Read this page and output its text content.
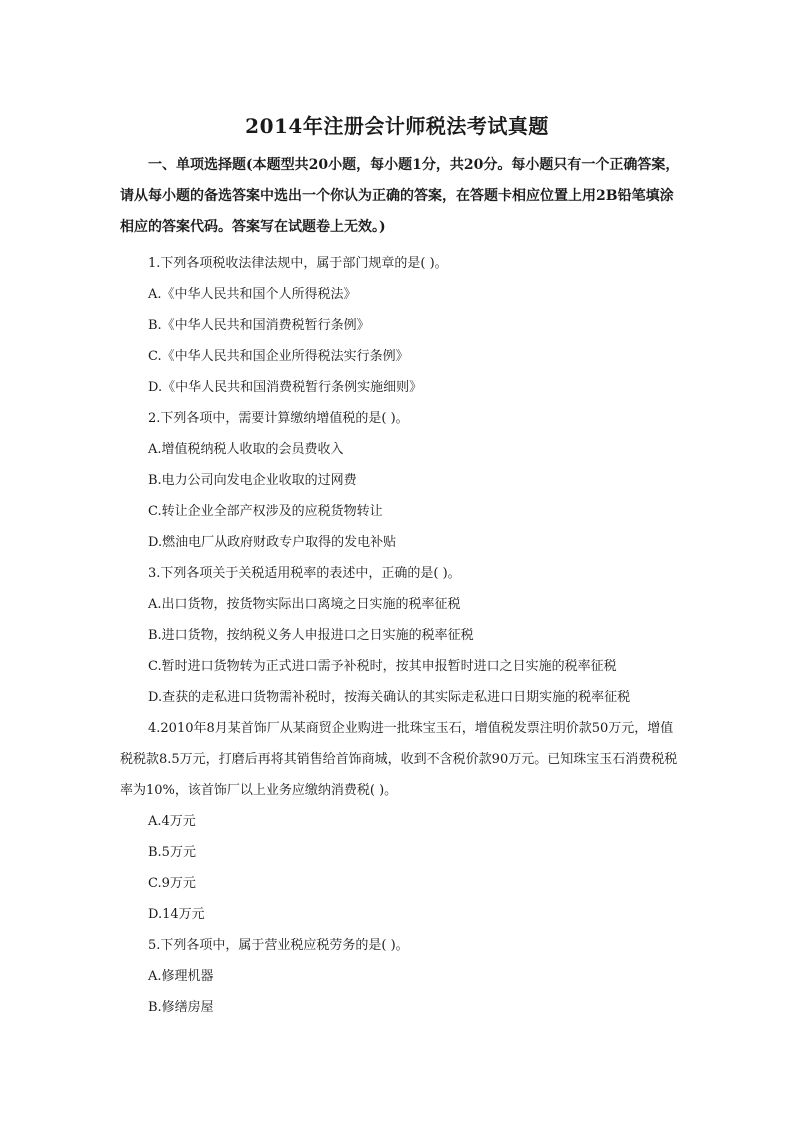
2014年注册会计师税法考试真题
一、单项选择题(本题型共20小题，每小题1分，共20分。每小题只有一个正确答案，请从每小题的备选答案中选出一个你认为正确的答案，在答题卡相应位置上用2B铅笔填涂相应的答案代码。答案写在试题卷上无效。)
1.下列各项税收法律法规中，属于部门规章的是( )。
A.《中华人民共和国个人所得税法》
B.《中华人民共和国消费税暂行条例》
C.《中华人民共和国企业所得税法实行条例》
D.《中华人民共和国消费税暂行条例实施细则》
2.下列各项中，需要计算缴纳增值税的是( )。
A.增值税纳税人收取的会员费收入
B.电力公司向发电企业收取的过网费
C.转让企业全部产权涉及的应税货物转让
D.燃油电厂从政府财政专户取得的发电补贴
3.下列各项关于关税适用税率的表述中，正确的是( )。
A.出口货物，按货物实际出口离境之日实施的税率征税
B.进口货物，按纳税义务人申报进口之日实施的税率征税
C.暂时进口货物转为正式进口需予补税时，按其申报暂时进口之日实施的税率征税
D.查获的走私进口货物需补税时，按海关确认的其实际走私进口日期实施的税率征税
4.2010年8月某首饰厂从某商贸企业购进一批珠宝玉石，增值税发票注明价款50万元，增值税税款8.5万元，打磨后再将其销售给首饰商城，收到不含税价款90万元。已知珠宝玉石消费税税率为10%，该首饰厂以上业务应缴纳消费税( )。
A.4万元
B.5万元
C.9万元
D.14万元
5.下列各项中，属于营业税应税劳务的是( )。
A.修理机器
B.修缮房屋
